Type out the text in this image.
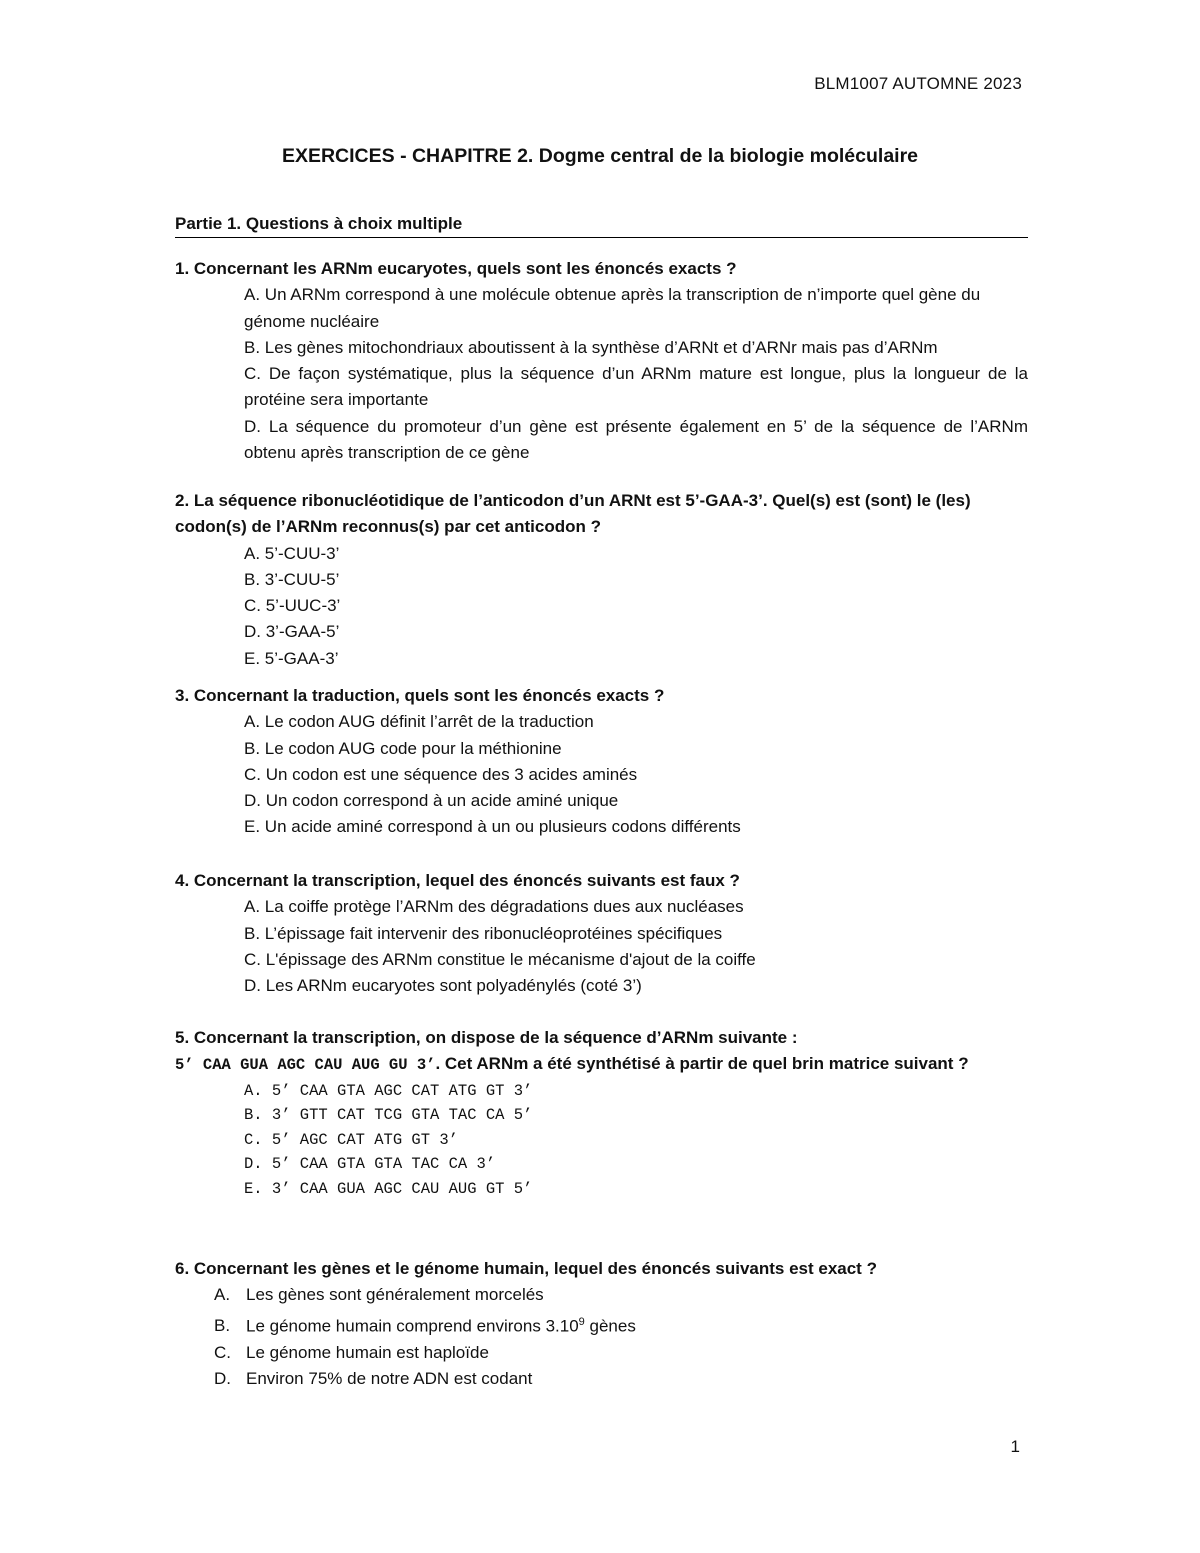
BLM1007 AUTOMNE 2023
EXERCICES - CHAPITRE 2. Dogme central de la biologie moléculaire
Partie 1. Questions à choix multiple
1. Concernant les ARNm eucaryotes, quels sont les énoncés exacts ?
A. Un ARNm correspond à une molécule obtenue après la transcription de n’importe quel gène du génome nucléaire
B. Les gènes mitochondriaux aboutissent à la synthèse d’ARNt et d’ARNr mais pas d’ARNm
C. De façon systématique, plus la séquence d’un ARNm mature est longue, plus la longueur de la protéine sera importante
D. La séquence du promoteur d’un gène est présente également en 5’ de la séquence de l’ARNm obtenu après transcription de ce gène
2. La séquence ribonucléotidique de l’anticodon d’un ARNt est 5’-GAA-3’. Quel(s) est (sont) le (les) codon(s) de l’ARNm reconnus(s) par cet anticodon ?
A. 5’-CUU-3’
B. 3’-CUU-5’
C. 5’-UUC-3’
D. 3’-GAA-5’
E. 5’-GAA-3’
3. Concernant la traduction, quels sont les énoncés exacts ?
A. Le codon AUG définit l’arrêt de la traduction
B. Le codon AUG code pour la méthionine
C. Un codon est une séquence des 3 acides aminés
D. Un codon correspond à un acide aminé unique
E. Un acide aminé correspond à un ou plusieurs codons différents
4. Concernant la transcription, lequel des énoncés suivants est faux ?
A. La coiffe protège l’ARNm des dégradations dues aux nucléases
B. L’épissage fait intervenir des ribonucléoprotéines spécifiques
C. L'épissage des ARNm constitue le mécanisme d'ajout de la coiffe
D. Les ARNm eucaryotes sont polyadénylés (coté 3’)
5. Concernant la transcription, on dispose de la séquence d’ARNm suivante :
5’ CAA GUA AGC CAU AUG GU 3’. Cet ARNm a été synthétisé à partir de quel brin matrice suivant ?
A. 5’ CAA GTA AGC CAT ATG GT 3’
B. 3’ GTT CAT TCG GTA TAC CA 5’
C. 5’ AGC CAT ATG GT 3’
D. 5’ CAA GTA GTA TAC CA 3’
E. 3’ CAA GUA AGC CAU AUG GT 5’
6. Concernant les gènes et le génome humain, lequel des énoncés suivants est exact ?
A. Les gènes sont généralement morcelés
B. Le génome humain comprend environs 3.10$^9$ gènes
C. Le génome humain est haploïde
D. Environ 75% de notre ADN est codant
1
